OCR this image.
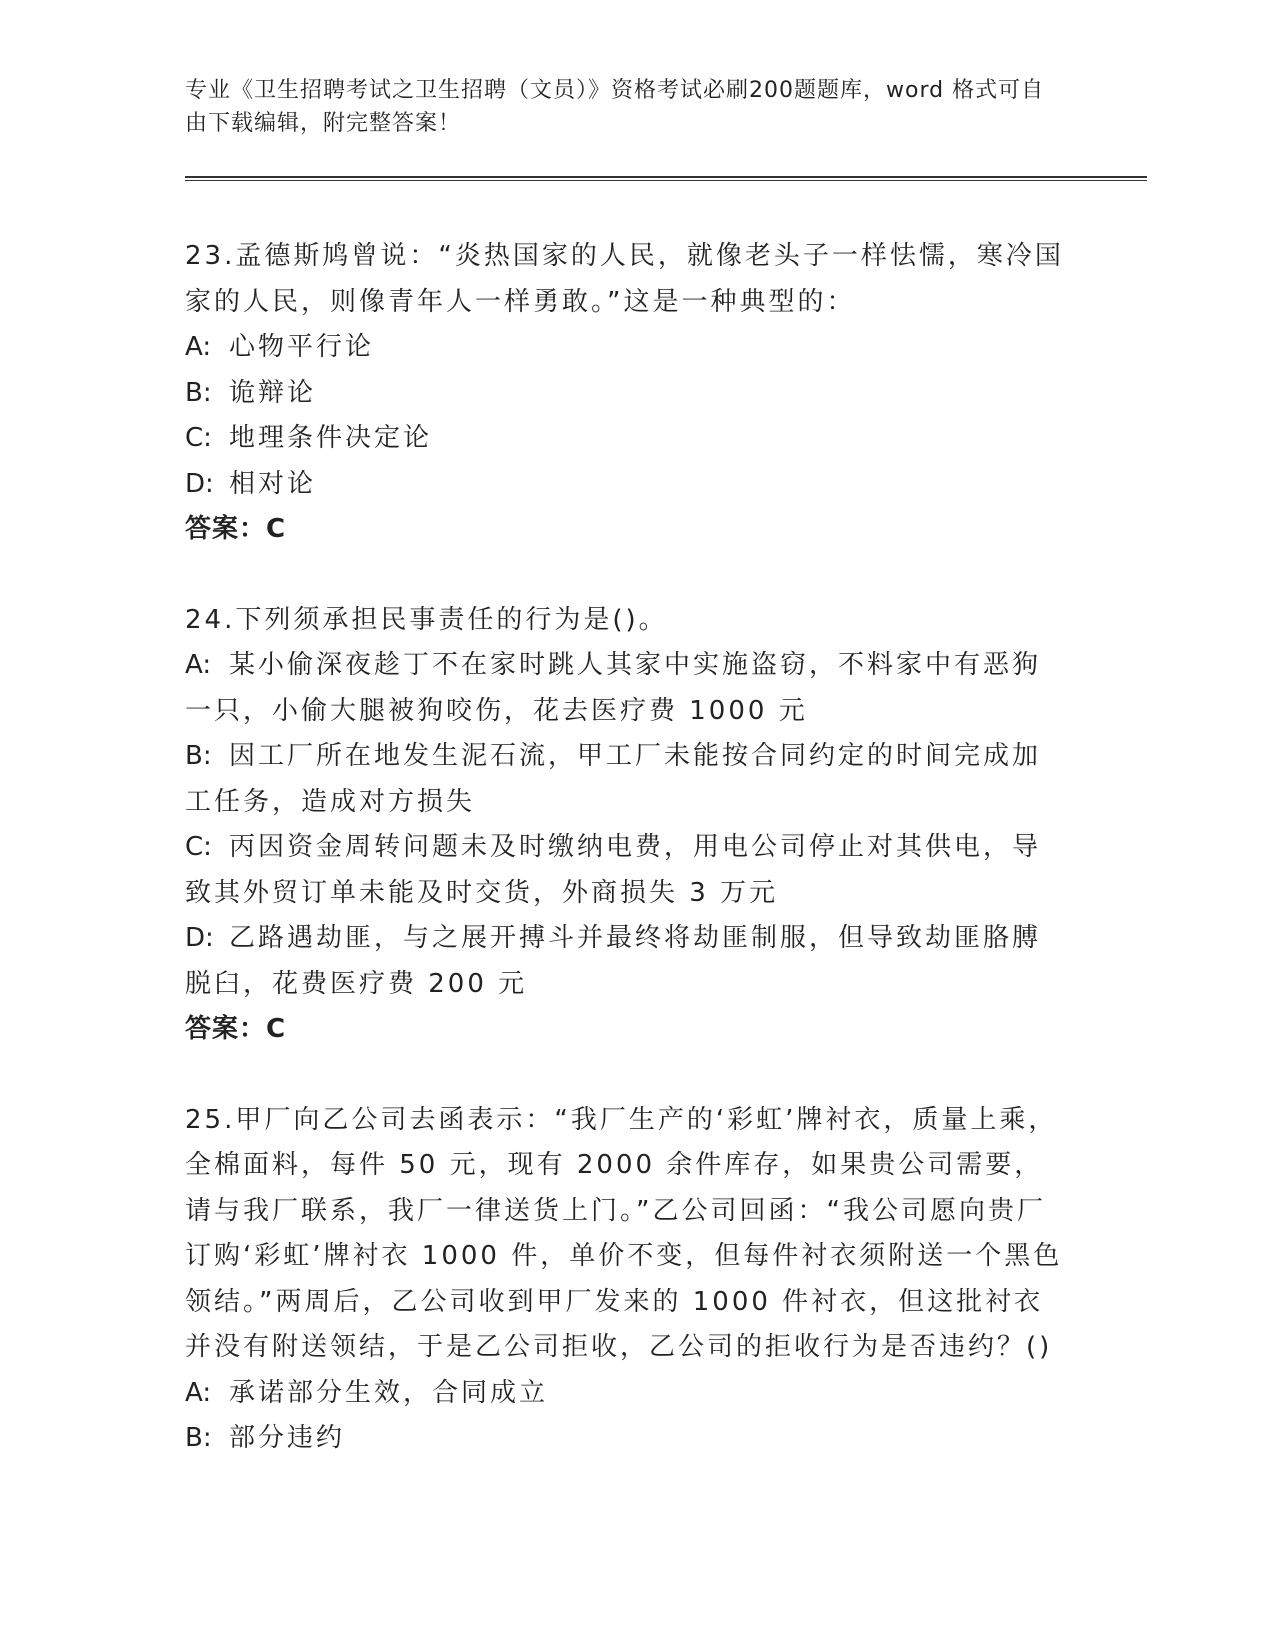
专业《卫生招聘考试之卫生招聘（文员）》资格考试必刷200题题库，word 格式可自由下载编辑，附完整答案！

23.孟德斯鸠曾说：“炎热国家的人民，就像老头子一样怯懦，寒冷国家的人民，则像青年人一样勇敢。”这是一种典型的：

A: 心物平行论

B: 诡辩论

C: 地理条件决定论

D: 相对论

答案：C

24.下列须承担民事责任的行为是()。

A: 某小偷深夜趁丁不在家时跳人其家中实施盗窃，不料家中有恶狗一只，小偷大腿被狗咬伤，花去医疗费 1000 元

B: 因工厂所在地发生泥石流，甲工厂未能按合同约定的时间完成加工任务，造成对方损失

C: 丙因资金周转问题未及时缴纳电费，用电公司停止对其供电，导致其外贸订单未能及时交货，外商损失 3 万元

D: 乙路遇劫匪，与之展开搏斗并最终将劫匪制服，但导致劫匪胳膊脱臼，花费医疗费 200 元

答案：C

25.甲厂向乙公司去函表示：“我厂生产的‘彩虹’牌衬衣，质量上乘，全棉面料，每件 50 元，现有 2000 余件库存，如果贵公司需要，请与我厂联系，我厂一律送货上门。”乙公司回函：“我公司愿向贵厂订购‘彩虹’牌衬衣 1000 件，单价不变，但每件衬衣须附送一个黑色领结。”两周后，乙公司收到甲厂发来的 1000 件衬衣，但这批衬衣并没有附送领结，于是乙公司拒收，乙公司的拒收行为是否违约？()

A: 承诺部分生效，合同成立

B: 部分违约
